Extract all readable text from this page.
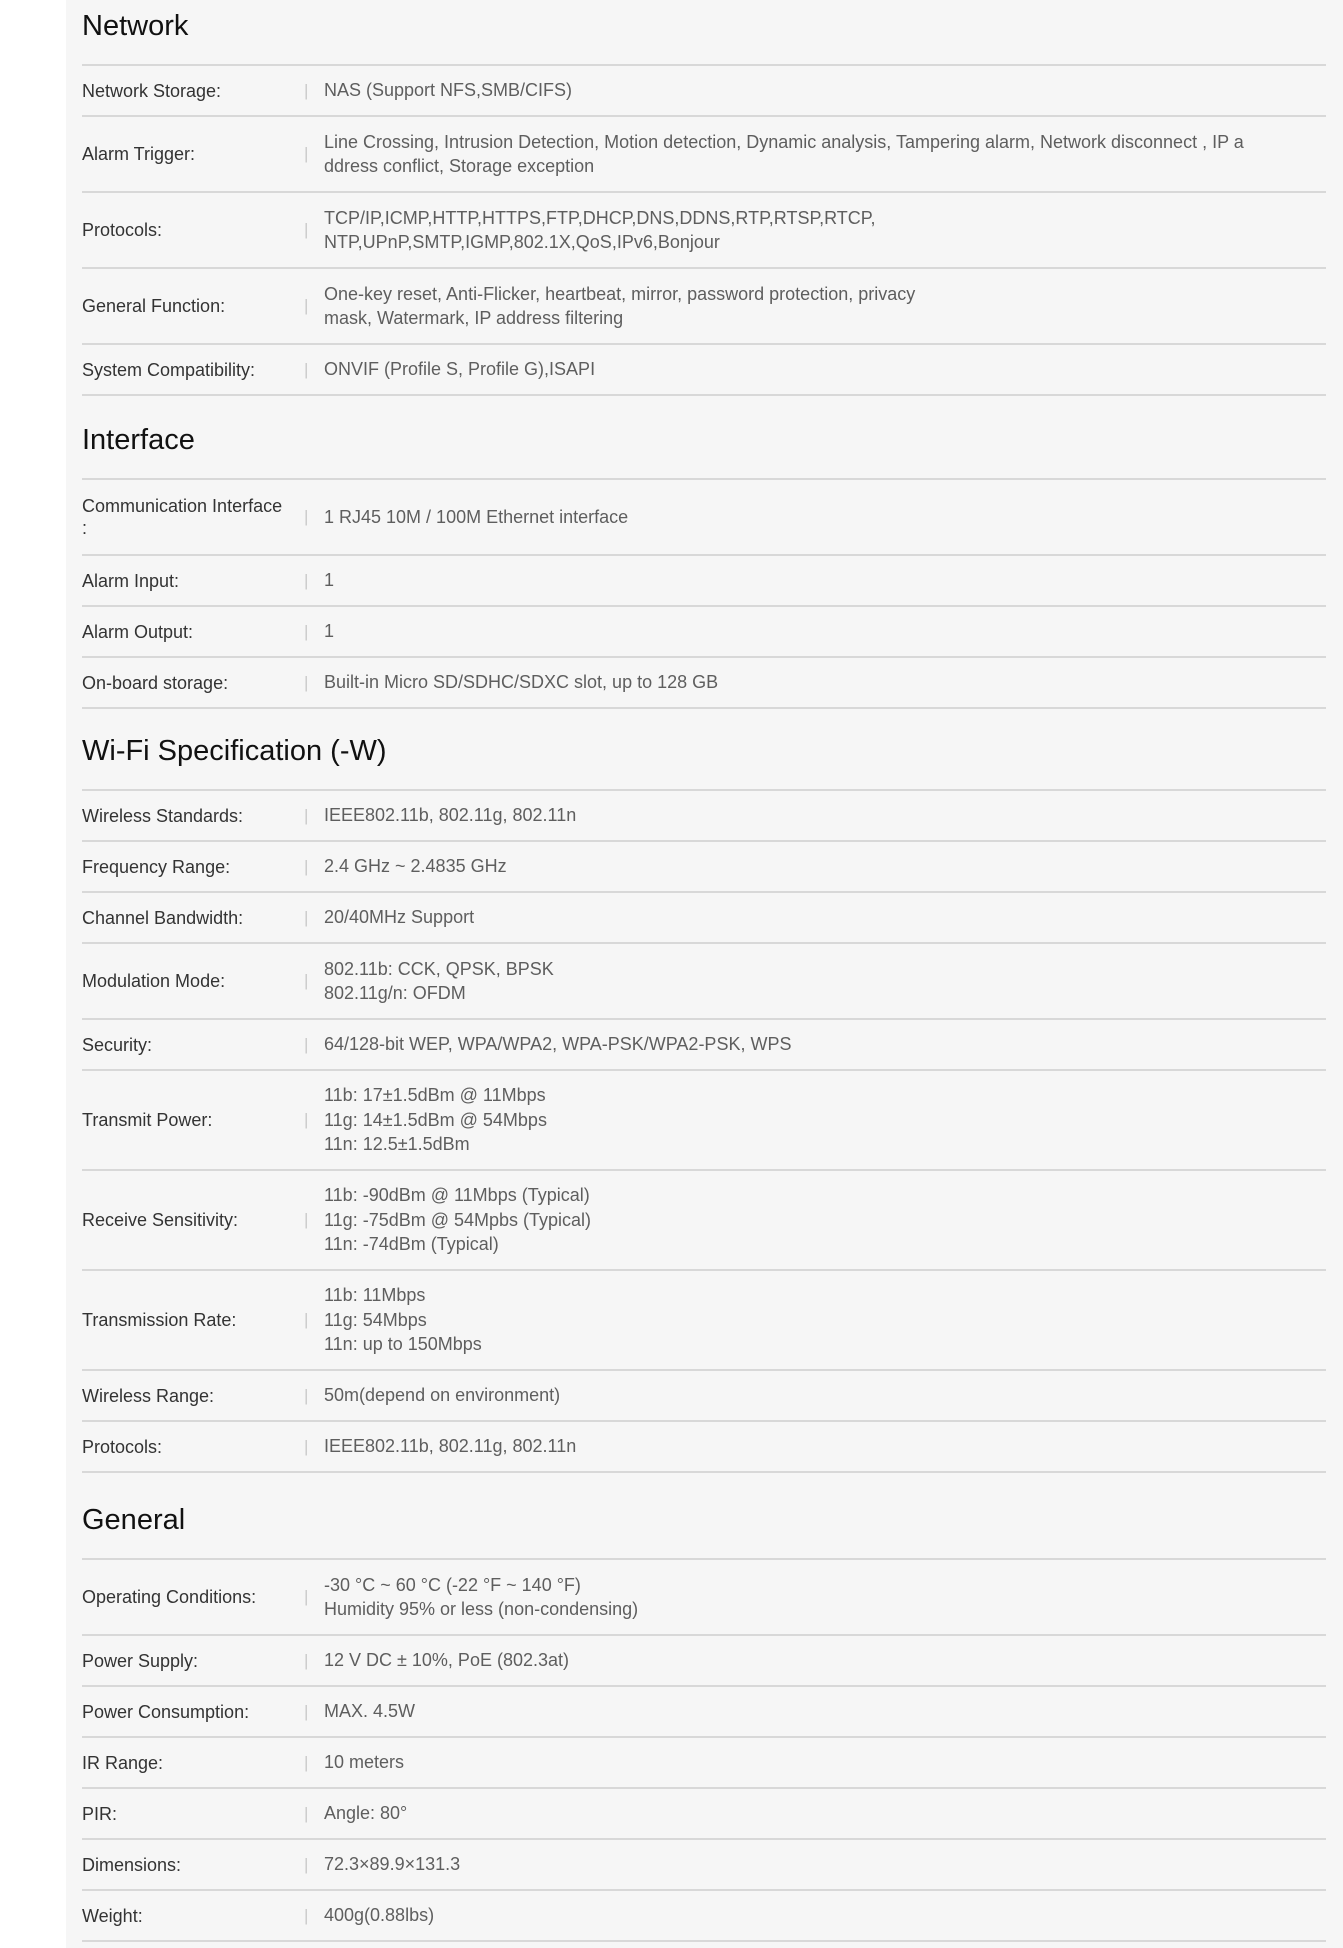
Network
Network Storage:	| NAS (Support NFS,SMB/CIFS)
Alarm Trigger:	|
Line Crossing, Intrusion Detection, Motion detection, Dynamic analysis, Tampering alarm, Network disconnect , IP a
ddress conflict, Storage exception
Protocols:	|
TCP/IP,ICMP,HTTP,HTTPS,FTP,DHCP,DNS,DDNS,RTP,RTSP,RTCP,
NTP,UPnP,SMTP,IGMP,802.1X,QoS,IPv6,Bonjour
General Function:	|
One-key reset, Anti-Flicker, heartbeat, mirror, password protection, privacy
mask, Watermark, IP address filtering
System Compatibility:	| ONVIF (Profile S, Profile G),ISAPI
Interface
Communication Interface
:
| 1 RJ45 10M / 100M Ethernet interface
Alarm Input:	| 1
Alarm Output:	| 1
On-board storage:	| Built-in Micro SD/SDHC/SDXC slot, up to 128 GB
Wi-Fi Specification (-W)
Wireless Standards:	| IEEE802.11b, 802.11g, 802.11n
Frequency Range:	| 2.4 GHz ~ 2.4835 GHz
Channel Bandwidth:	| 20/40MHz Support
Modulation Mode:	|
802.11b: CCK, QPSK, BPSK
802.11g/n: OFDM
Security:	| 64/128-bit WEP, WPA/WPA2, WPA-PSK/WPA2-PSK, WPS
Transmit Power:	|
11b: 17±1.5dBm @ 11Mbps
11g: 14±1.5dBm @ 54Mbps
11n: 12.5±1.5dBm
Receive Sensitivity:	|
11b: -90dBm @ 11Mbps (Typical)
11g: -75dBm @ 54Mpbs (Typical)
11n: -74dBm (Typical)
Transmission Rate:	|
11b: 11Mbps
11g: 54Mbps
11n: up to 150Mbps
Wireless Range:	| 50m(depend on environment)
Protocols:	| IEEE802.11b, 802.11g, 802.11n
General
Operating Conditions:	|
-30 °C ~ 60 °C (-22 °F ~ 140 °F)
Humidity 95% or less (non-condensing)
Power Supply:	| 12 V DC ± 10%, PoE (802.3at)
Power Consumption:	| MAX. 4.5W
IR Range:	| 10 meters
PIR:	| Angle: 80°
Dimensions:	| 72.3×89.9×131.3
Weight:	| 400g(0.88lbs)
